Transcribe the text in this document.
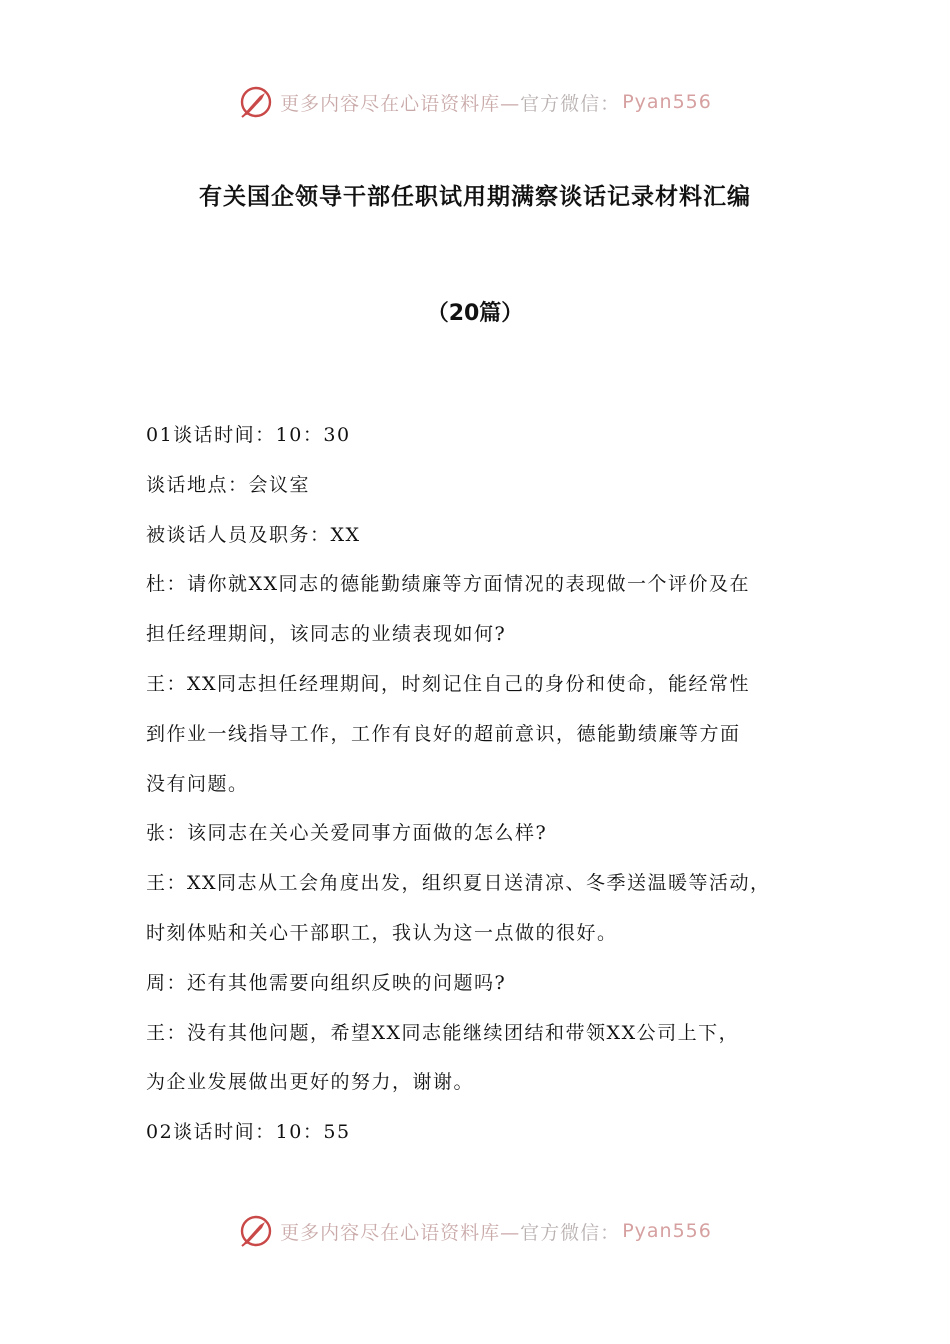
更多内容尽在心语资料库— 官方微信： Pyan556
有关国企领导干部任职试用期满察谈话记录材料汇编
（20篇）

01谈话时间：10：30

谈话地点：会议室

被谈话人员及职务：XX

杜：请你就XX同志的德能勤绩廉等方面情况的表现做一个评价及在

担任经理期间，该同志的业绩表现如何?

王：XX同志担任经理期间，时刻记住自己的身份和使命，能经常性

到作业一线指导工作，工作有良好的超前意识，德能勤绩廉等方面

没有问题。

张：该同志在关心关爱同事方面做的怎么样?

王：XX同志从工会角度出发，组织夏日送清凉、冬季送温暖等活动，

时刻体贴和关心干部职工，我认为这一点做的很好。

周：还有其他需要向组织反映的问题吗?

王：没有其他问题，希望XX同志能继续团结和带领XX公司上下，

为企业发展做出更好的努力，谢谢。

02谈话时间：10：55

更多内容尽在心语资料库— 官方微信： Pyan556
